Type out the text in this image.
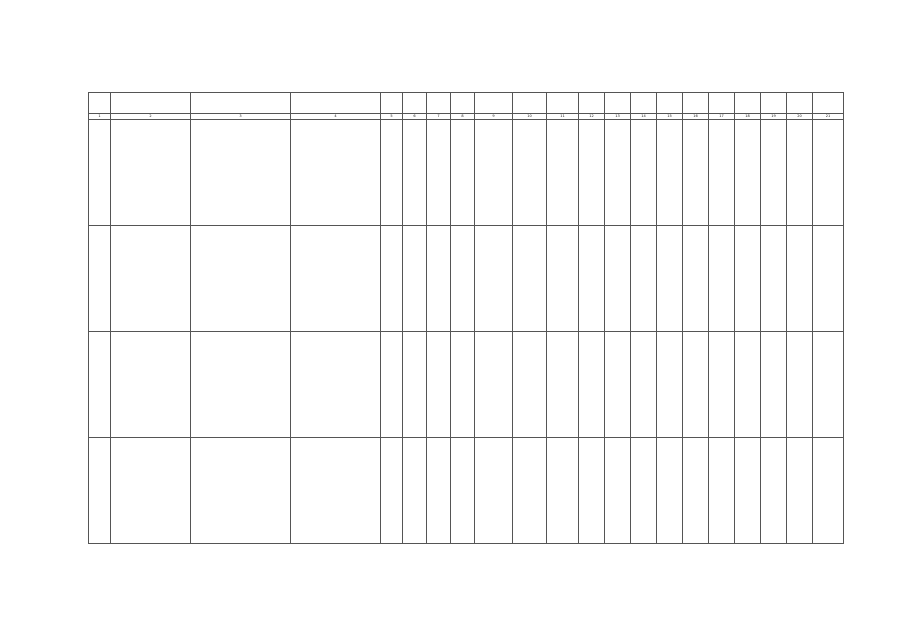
1	2	3	4	5	6	7	8	9	10	11	12	13	14	15	16	17	18	19	20	21
